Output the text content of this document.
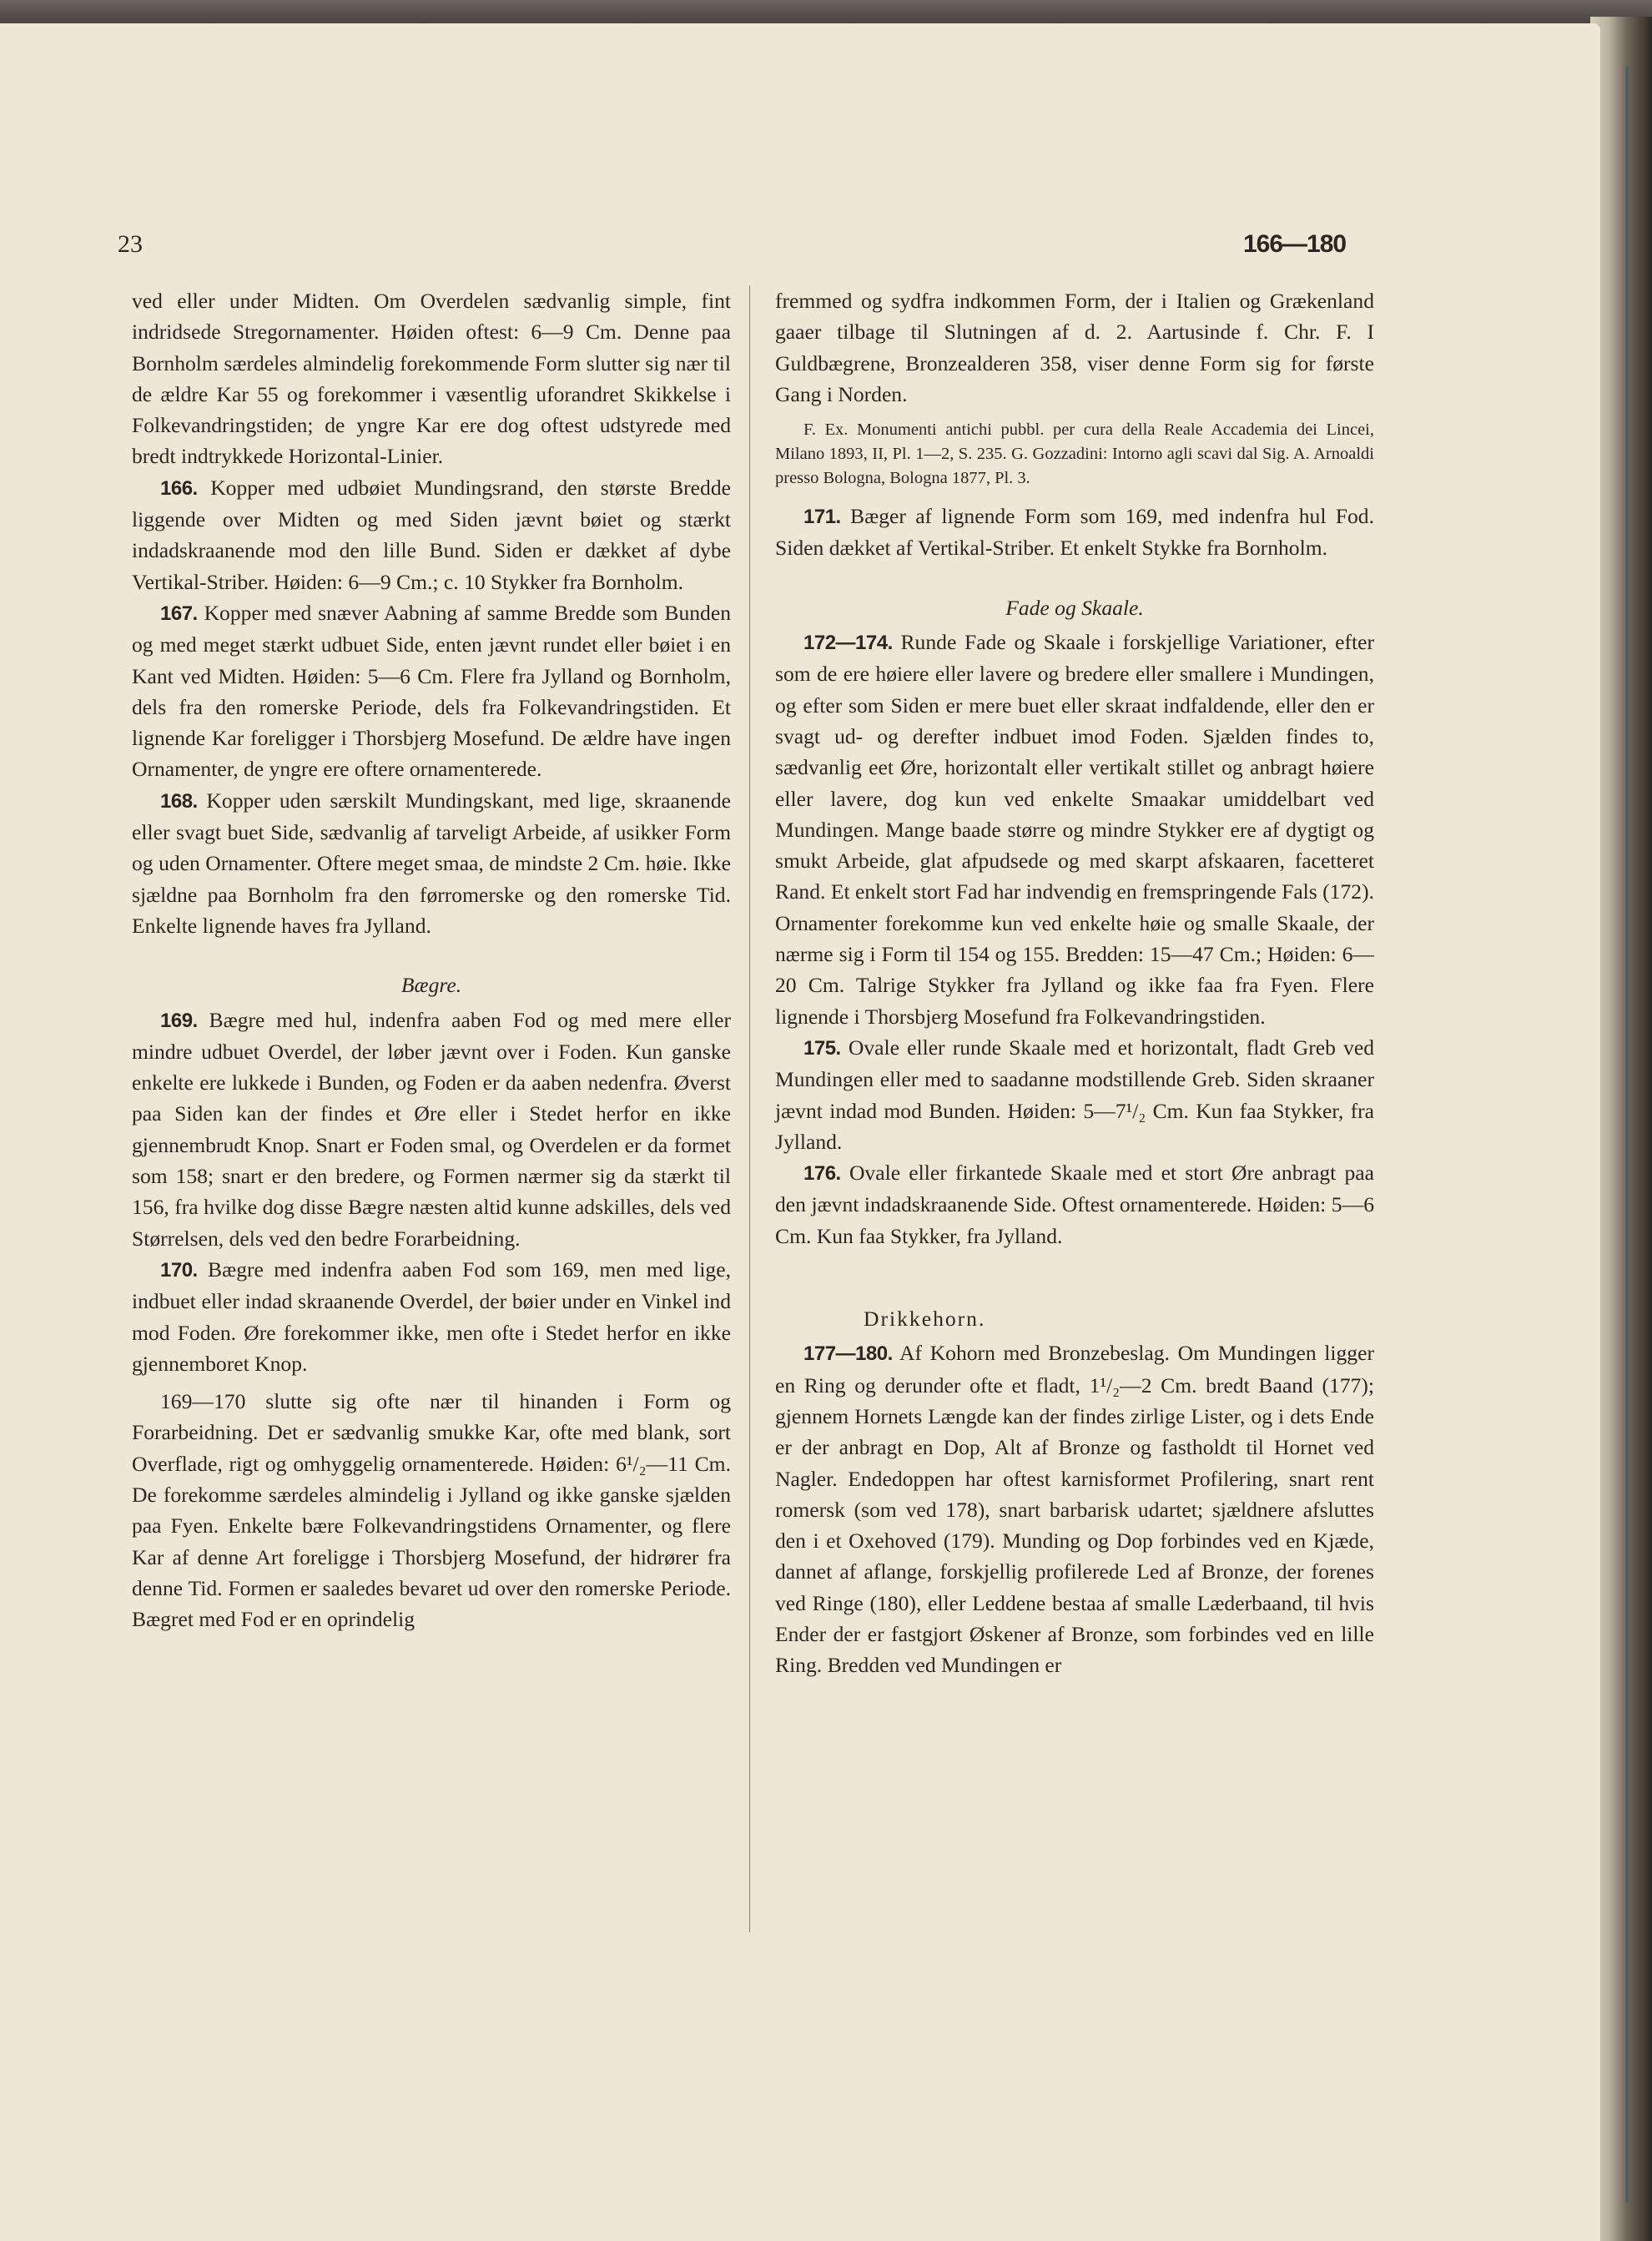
23	166—180

ved eller under Midten. Om Overdelen sædvanlig simple, fint indridsede Stregornamenter. Høiden oftest: 6—9 Cm. Denne paa Bornholm særdeles almindelig forekommende Form slutter sig nær til de ældre Kar 55 og forekommer i væsentlig uforandret Skikkelse i Folkevandringstiden; de yngre Kar ere dog oftest udstyrede med bredt indtrykkede Horizontal-Linier.

166. Kopper med udbøiet Mundingsrand, den største Bredde liggende over Midten og med Siden jævnt bøiet og stærkt indadskraanende mod den lille Bund. Siden er dækket af dybe Vertikal-Striber. Høiden: 6—9 Cm.; c. 10 Stykker fra Bornholm.

167. Kopper med snæver Aabning af samme Bredde som Bunden og med meget stærkt udbuet Side, enten jævnt rundet eller bøiet i en Kant ved Midten. Høiden: 5—6 Cm. Flere fra Jylland og Bornholm, dels fra den romerske Periode, dels fra Folkevandringstiden. Et lignende Kar foreligger i Thorsbjerg Mosefund. De ældre have ingen Ornamenter, de yngre ere oftere ornamenterede.

168. Kopper uden særskilt Mundingskant, med lige, skraanende eller svagt buet Side, sædvanlig af tarveligt Arbeide, af usikker Form og uden Ornamenter. Oftere meget smaa, de mindste 2 Cm. høie. Ikke sjældne paa Bornholm fra den førromerske og den romerske Tid. Enkelte lignende haves fra Jylland.

Bægre.

169. Bægre med hul, indenfra aaben Fod og med mere eller mindre udbuet Overdel, der løber jævnt over i Foden. Kun ganske enkelte ere lukkede i Bunden, og Foden er da aaben nedenfra. Øverst paa Siden kan der findes et Øre eller i Stedet herfor en ikke gjennembrudt Knop. Snart er Foden smal, og Overdelen er da formet som 158; snart er den bredere, og Formen nærmer sig da stærkt til 156, fra hvilke dog disse Bægre næsten altid kunne adskilles, dels ved Størrelsen, dels ved den bedre Forarbeidning.

170. Bægre med indenfra aaben Fod som 169, men med lige, indbuet eller indad skraanende Overdel, der bøier under en Vinkel ind mod Foden. Øre forekommer ikke, men ofte i Stedet herfor en ikke gjennemboret Knop.

169—170 slutte sig ofte nær til hinanden i Form og Forarbeidning. Det er sædvanlig smukke Kar, ofte med blank, sort Overflade, rigt og omhyggelig ornamenterede. Høiden: 6¹/₂—11 Cm. De forekomme særdeles almindelig i Jylland og ikke ganske sjælden paa Fyen. Enkelte bære Folkevandringstidens Ornamenter, og flere Kar af denne Art foreligge i Thorsbjerg Mosefund, der hidrører fra denne Tid. Formen er saaledes bevaret ud over den romerske Periode. Bægret med Fod er en oprindelig

fremmed og sydfra indkommen Form, der i Italien og Grækenland gaaer tilbage til Slutningen af d. 2. Aartusinde f. Chr. F. I Guldbægrene, Bronzealderen 358, viser denne Form sig for første Gang i Norden.

F. Ex. Monumenti antichi pubbl. per cura della Reale Accademia dei Lincei, Milano 1893, II, Pl. 1—2, S. 235. G. Gozzadini: Intorno agli scavi dal Sig. A. Arnoaldi presso Bologna, Bologna 1877, Pl. 3.

171. Bæger af lignende Form som 169, med indenfra hul Fod. Siden dækket af Vertikal-Striber. Et enkelt Stykke fra Bornholm.

Fade og Skaale.

172—174. Runde Fade og Skaale i forskjellige Variationer, efter som de ere høiere eller lavere og bredere eller smallere i Mundingen, og efter som Siden er mere buet eller skraat indfaldende, eller den er svagt ud- og derefter indbuet imod Foden. Sjælden findes to, sædvanlig eet Øre, horizontalt eller vertikalt stillet og anbragt høiere eller lavere, dog kun ved enkelte Smaakar umiddelbart ved Mundingen. Mange baade større og mindre Stykker ere af dygtigt og smukt Arbeide, glat afpudsede og med skarpt afskaaren, facetteret Rand. Et enkelt stort Fad har indvendig en fremspringende Fals (172). Ornamenter forekomme kun ved enkelte høie og smalle Skaale, der nærme sig i Form til 154 og 155. Bredden: 15—47 Cm.; Høiden: 6—20 Cm. Talrige Stykker fra Jylland og ikke faa fra Fyen. Flere lignende i Thorsbjerg Mosefund fra Folkevandringstiden.

175. Ovale eller runde Skaale med et horizontalt, fladt Greb ved Mundingen eller med to saadanne modstillende Greb. Siden skraaner jævnt indad mod Bunden. Høiden: 5—7¹/₂ Cm. Kun faa Stykker, fra Jylland.

176. Ovale eller firkantede Skaale med et stort Øre anbragt paa den jævnt indadskraanende Side. Oftest ornamenterede. Høiden: 5—6 Cm. Kun faa Stykker, fra Jylland.

Drikkehorn.

177—180. Af Kohorn med Bronzebeslag. Om Mundingen ligger en Ring og derunder ofte et fladt, 1¹/₂—2 Cm. bredt Baand (177); gjennem Hornets Længde kan der findes zirlige Lister, og i dets Ende er der anbragt en Dop, Alt af Bronze og fastholdt til Hornet ved Nagler. Endedoppen har oftest karnisformet Profilering, snart rent romersk (som ved 178), snart barbarisk udartet; sjældnere afsluttes den i et Oxehoved (179). Munding og Dop forbindes ved en Kjæde, dannet af aflange, forskjellig profilerede Led af Bronze, der forenes ved Ringe (180), eller Leddene bestaa af smalle Læderbaand, til hvis Ender der er fastgjort Øskener af Bronze, som forbindes ved en lille Ring. Bredden ved Mundingen er
